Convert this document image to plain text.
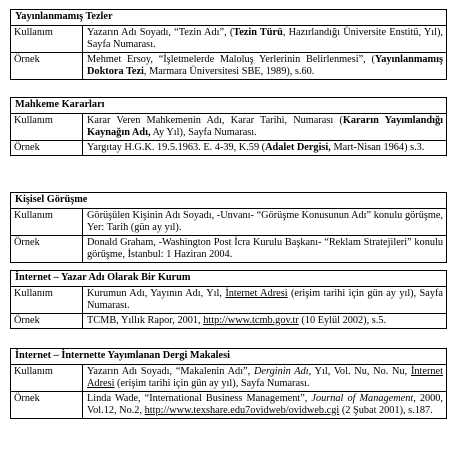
Yayınlanmamış Tezler
Kullanım	Yazarın Adı Soyadı, “Tezin Adı”, (Tezin Türü, Hazırlandığı Üniversite Enstitü, Yıl), Sayfa Numarası.
Örnek	Mehmet Ersoy, “İşletmelerde Maloluş Yerlerinin Belirlenmesi”, (Yayınlanmamış Doktora Tezi, Marmara Üniversitesi SBE, 1989), s.60.
Mahkeme Kararları
Kullanım	Karar Veren Mahkemenin Adı, Karar Tarihi, Numarası (Kararın Yayımlandığı Kaynağın Adı, Ay Yıl), Sayfa Numarası.
Örnek	Yargıtay H.G.K. 19.5.1963. E. 4-39, K.59 (Adalet Dergisi, Mart-Nisan 1964) s.3.
Kişisel Görüşme
Kullanım	Görüşülen Kişinin Adı Soyadı, -Unvanı- “Görüşme Konusunun Adı” konulu görüşme, Yer: Tarih (gün ay yıl).
Örnek	Donald Graham, -Washington Post İcra Kurulu Başkanı- “Reklam Stratejileri” konulu görüşme, İstanbul: 1 Haziran 2004.
İnternet – Yazar Adı Olarak Bir Kurum
Kullanım	Kurumun Adı, Yayının Adı, Yıl, İnternet Adresi (erişim tarihi için gün ay yıl), Sayfa Numarası.
Örnek	TCMB, Yıllık Rapor, 2001, http://www.tcmb.gov.tr (10 Eylül 2002), s.5.
İnternet – İnternette Yayımlanan Dergi Makalesi
Kullanım	Yazarın Adı Soyadı, “Makalenin Adı”, Derginin Adı, Yıl, Vol. Nu, No. Nu, İnternet Adresi (erişim tarihi için gün ay yıl), Sayfa Numarası.
Örnek	Linda Wade, “International Business Management”, Journal of Management, 2000, Vol.12, No.2, http://www.texshare.edu7ovidweb/ovidweb.cgi (2 Şubat 2001), s.187.
